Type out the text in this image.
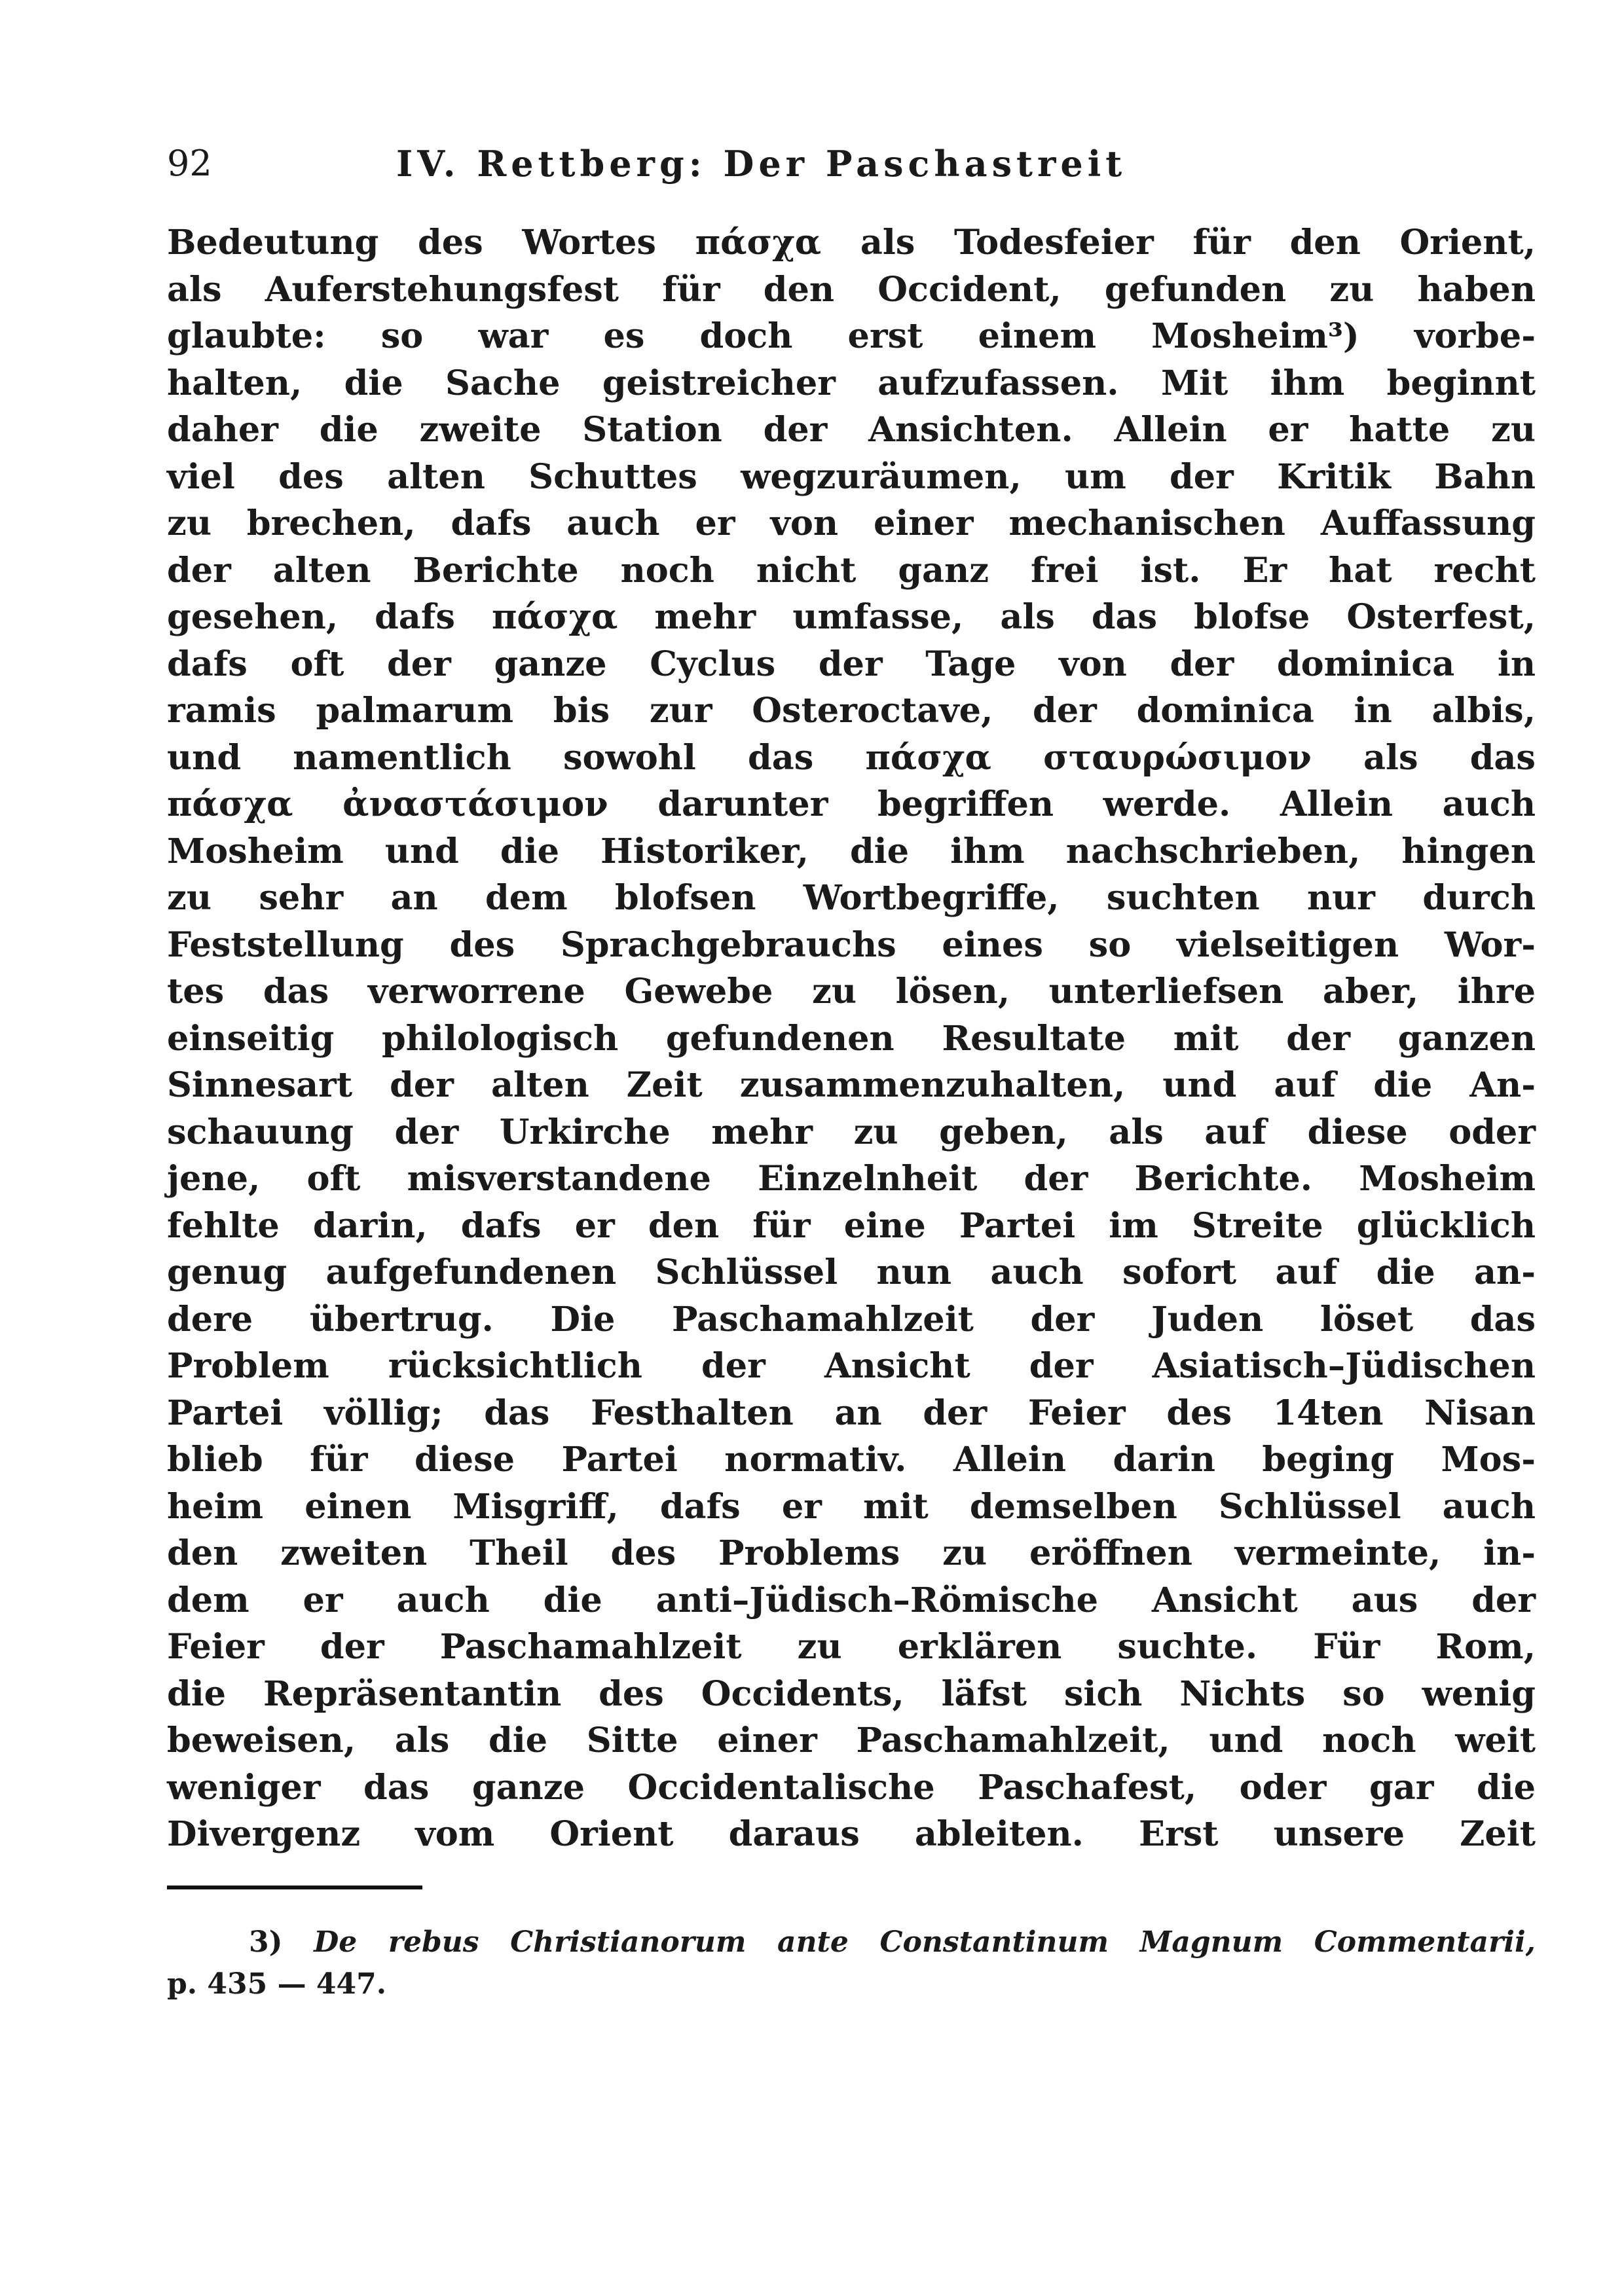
92	IV. Rettberg: Der Paschastreit
Bedeutung des Wortes πάσχα als Todesfeier für den Orient,
als Auferstehungsfest für den Occident, gefunden zu haben
glaubte: so war es doch erst einem Mosheim³) vorbe-
halten, die Sache geistreicher aufzufassen. Mit ihm beginnt
daher die zweite Station der Ansichten. Allein er hatte zu
viel des alten Schuttes wegzuräumen, um der Kritik Bahn
zu brechen, dafs auch er von einer mechanischen Auffassung
der alten Berichte noch nicht ganz frei ist. Er hat recht
gesehen, dafs πάσχα mehr umfasse, als das blofse Osterfest,
dafs oft der ganze Cyclus der Tage von der dominica in
ramis palmarum bis zur Osteroctave, der dominica in albis,
und namentlich sowohl das πάσχα σταυρώσιμον als das
πάσχα ἀναστάσιμον darunter begriffen werde. Allein auch
Mosheim und die Historiker, die ihm nachschrieben, hingen
zu sehr an dem blofsen Wortbegriffe, suchten nur durch
Feststellung des Sprachgebrauchs eines so vielseitigen Wor-
tes das verworrene Gewebe zu lösen, unterliefsen aber, ihre
einseitig philologisch gefundenen Resultate mit der ganzen
Sinnesart der alten Zeit zusammenzuhalten, und auf die An-
schauung der Urkirche mehr zu geben, als auf diese oder
jene, oft misverstandene Einzelnheit der Berichte. Mosheim
fehlte darin, dafs er den für eine Partei im Streite glücklich
genug aufgefundenen Schlüssel nun auch sofort auf die an-
dere übertrug. Die Paschamahlzeit der Juden löset das
Problem rücksichtlich der Ansicht der Asiatisch–Jüdischen
Partei völlig; das Festhalten an der Feier des 14ten Nisan
blieb für diese Partei normativ. Allein darin beging Mos-
heim einen Misgriff, dafs er mit demselben Schlüssel auch
den zweiten Theil des Problems zu eröffnen vermeinte, in-
dem er auch die anti–Jüdisch–Römische Ansicht aus der
Feier der Paschamahlzeit zu erklären suchte. Für Rom,
die Repräsentantin des Occidents, läfst sich Nichts so wenig
beweisen, als die Sitte einer Paschamahlzeit, und noch weit
weniger das ganze Occidentalische Paschafest, oder gar die
Divergenz vom Orient daraus ableiten. Erst unsere Zeit
3) De rebus Christianorum ante Constantinum Magnum Commentarii,
p. 435 — 447.
